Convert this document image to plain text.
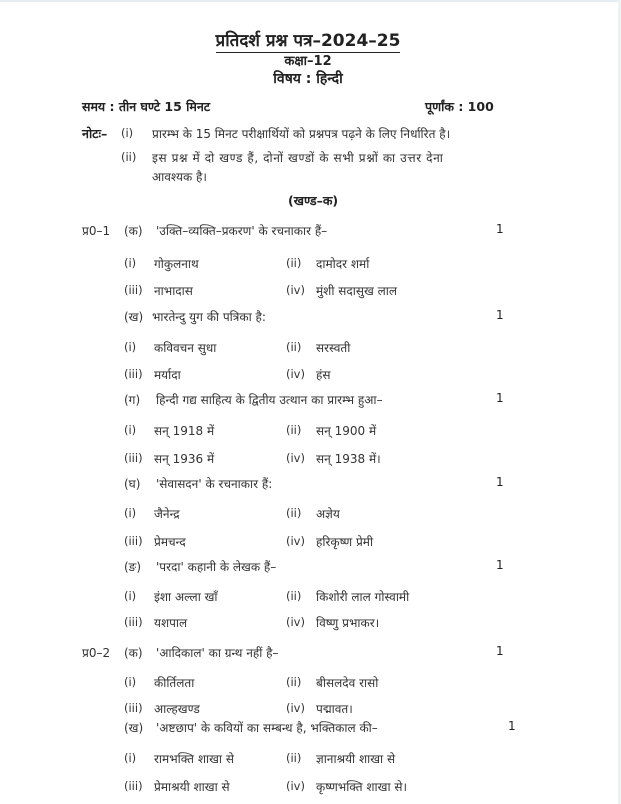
प्रतिदर्श प्रश्न पत्र–2024–25
कक्षा–12
विषय : हिन्दी
समय : तीन घण्टे 15 मिनट	पूर्णांक : 100
नोटः– (i) प्रारम्भ के 15 मिनट परीक्षार्थियों को प्रश्नपत्र पढ़ने के लिए निर्धारित है।
(ii) इस प्रश्न में दो खण्ड हैं, दोनों खण्डों के सभी प्रश्नों का उत्तर देना
आवश्यक है।
(खण्ड–क)
प्र0–1 (क) 'उक्ति–व्यक्ति–प्रकरण' के रचनाकार हैं–	1
(i) गोकुलनाथ	(ii) दामोदर शर्मा
(iii) नाभादास	(iv) मुंशी सदासुख लाल
(ख) भारतेन्दु युग की पत्रिका है:	1
(i) कविवचन सुधा	(ii) सरस्वती
(iii) मर्यादा	(iv) हंस
(ग) हिन्दी गद्य साहित्य के द्वितीय उत्थान का प्रारम्भ हुआ–	1
(i) सन् 1918 में	(ii) सन् 1900 में
(iii) सन् 1936 में	(iv) सन् 1938 में।
(घ) 'सेवासदन' के रचनाकार हैं:	1
(i) जैनेन्द्र	(ii) अज्ञेय
(iii) प्रेमचन्द	(iv) हरिकृष्ण प्रेमी
(ङ) 'परदा' कहानी के लेखक हैं–	1
(i) इंशा अल्ला खाँ	(ii) किशोरी लाल गोस्वामी
(iii) यशपाल	(iv) विष्णु प्रभाकर।
प्र0–2 (क) 'आदिकाल' का ग्रन्थ नहीं है–	1
(i) कीर्तिलता	(ii) बीसलदेव रासो
(iii) आल्हखण्ड	(iv) पद्मावत।
(ख) 'अष्टछाप' के कवियों का सम्बन्ध है, भक्तिकाल की–	1
(i) रामभक्ति शाखा से	(ii) ज्ञानाश्रयी शाखा से
(iii) प्रेमाश्रयी शाखा से	(iv) कृष्णभक्ति शाखा से।
